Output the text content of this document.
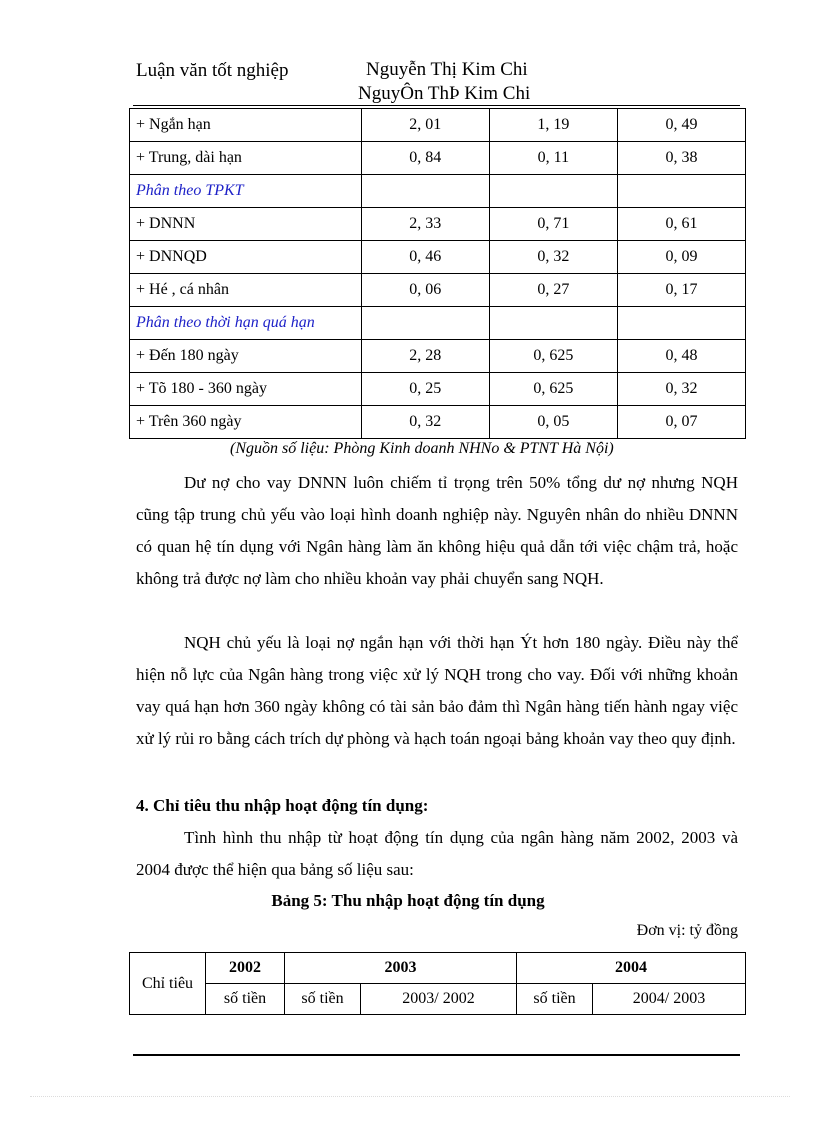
Luận văn tốt nghiệp	Nguyễn Thị Kim Chi
NguyÔn ThÞ Kim Chi
+ Ngắn hạn	2, 01	1, 19	0, 49
+ Trung, dài hạn	0, 84	0, 11	0, 38
Phân theo TPKT			
+ DNNN	2, 33	0, 71	0, 61
+ DNNQD	0, 46	0, 32	0, 09
+ Hé , cá nhân	0, 06	0, 27	0, 17
Phân theo thời hạn quá hạn			
+ Đến 180 ngày	2, 28	0, 625	0, 48
+ Tõ 180 - 360 ngày	0, 25	0, 625	0, 32
+ Trên 360 ngày	0, 32	0, 05	0, 07
(Nguồn số liệu: Phòng Kinh doanh NHNo & PTNT Hà Nội)
Dư nợ cho vay DNNN luôn chiếm tỉ trọng trên 50% tổng dư nợ nhưng NQH cũng tập trung chủ yếu vào loại hình doanh nghiệp này. Nguyên nhân do nhiều DNNN có quan hệ tín dụng với Ngân hàng làm ăn không hiệu quả dẫn tới việc chậm trả, hoặc không trả được nợ làm cho nhiều khoản vay phải chuyển sang NQH.
NQH chủ yếu là loại nợ ngắn hạn với thời hạn Ýt hơn 180 ngày. Điều này thể hiện nỗ lực của Ngân hàng trong việc xử lý NQH trong cho vay. Đối với những khoản vay quá hạn hơn 360 ngày không có tài sản bảo đảm thì Ngân hàng tiến hành ngay việc xử lý rủi ro bằng cách trích dự phòng và hạch toán ngoại bảng khoản vay theo quy định.
4. Chỉ tiêu thu nhập hoạt động tín dụng:
Tình hình thu nhập từ hoạt động tín dụng của ngân hàng năm 2002, 2003 và 2004 được thể hiện qua bảng số liệu sau:
Bảng 5: Thu nhập hoạt động tín dụng
Đơn vị: tỷ đồng
Chỉ tiêu	2002	2003		2004	
	số tiền	số tiền	2003/ 2002	số tiền	2004/ 2003
